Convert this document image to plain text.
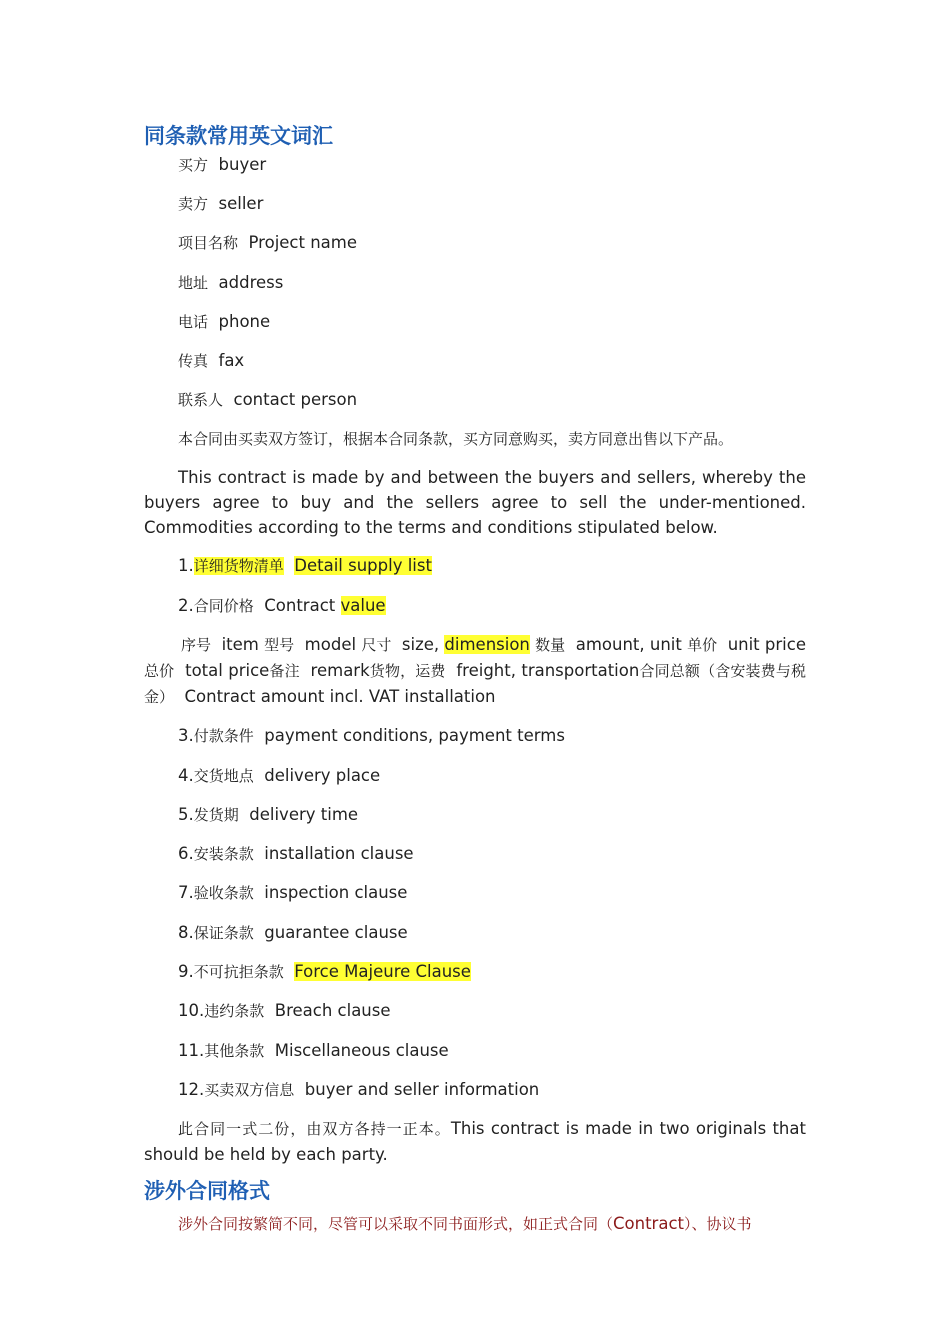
同条款常用英文词汇

买方 buyer

卖方 seller

项目名称 Project name

地址 address

电话 phone

传真 fax

联系人 contact person

本合同由买卖双方签订，根据本合同条款，买方同意购买，卖方同意出售以下产品。

This contract is made by and between the buyers and sellers, whereby the buyers agree to buy and the sellers agree to sell the under-mentioned. Commodities according to the terms and conditions stipulated below.

1.详细货物清单 Detail supply list

2.合同价格 Contract value

序号 item 型号 model 尺寸 size, dimension 数量 amount, unit 单价 unit price总价 total price备注 remark货物，运费 freight, transportation合同总额（含安装费与税金） Contract amount incl. VAT installation

3.付款条件 payment conditions, payment terms

4.交货地点 delivery place

5.发货期 delivery time

6.安装条款 installation clause

7.验收条款 inspection clause

8.保证条款 guarantee clause

9.不可抗拒条款 Force Majeure Clause

10.违约条款 Breach clause

11.其他条款 Miscellaneous clause

12.买卖双方信息 buyer and seller information

此合同一式二份，由双方各持一正本。This contract is made in two originals that should be held by each party.

涉外合同格式

涉外合同按繁简不同，尽管可以采取不同书面形式，如正式合同（Contract）、协议书
